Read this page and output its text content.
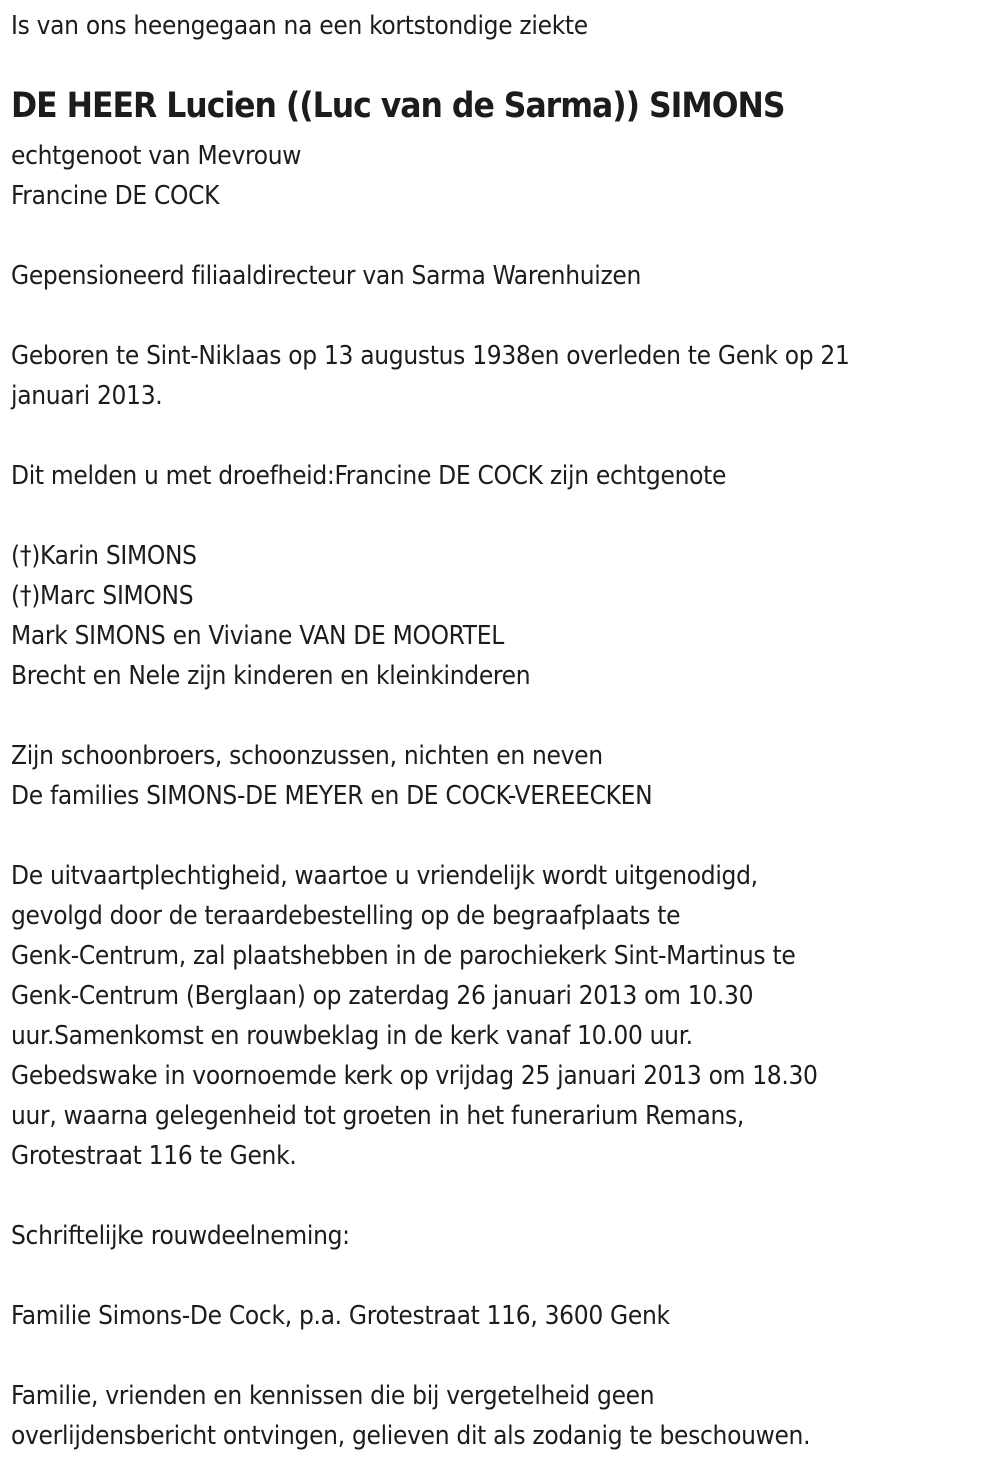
Is van ons heengegaan na een kortstondige ziekte
DE HEER Lucien ((Luc van de Sarma)) SIMONS
echtgenoot van Mevrouw
Francine DE COCK
Gepensioneerd filiaaldirecteur van Sarma Warenhuizen
Geboren te Sint-Niklaas op 13 augustus 1938en overleden te Genk op 21
januari 2013.
Dit melden u met droefheid:Francine DE COCK zijn echtgenote
(†)Karin SIMONS
(†)Marc SIMONS
Mark SIMONS en Viviane VAN DE MOORTEL
Brecht en Nele zijn kinderen en kleinkinderen
Zijn schoonbroers, schoonzussen, nichten en neven
De families SIMONS-DE MEYER en DE COCK-VEREECKEN
De uitvaartplechtigheid, waartoe u vriendelijk wordt uitgenodigd,
gevolgd door de teraardebestelling op de begraafplaats te
Genk-Centrum, zal plaatshebben in de parochiekerk Sint-Martinus te
Genk-Centrum (Berglaan) op zaterdag 26 januari 2013 om 10.30
uur.Samenkomst en rouwbeklag in de kerk vanaf 10.00 uur.
Gebedswake in voornoemde kerk op vrijdag 25 januari 2013 om 18.30
uur, waarna gelegenheid tot groeten in het funerarium Remans,
Grotestraat 116 te Genk.
Schriftelijke rouwdeelneming:
Familie Simons-De Cock, p.a. Grotestraat 116, 3600 Genk
Familie, vrienden en kennissen die bij vergetelheid geen
overlijdensbericht ontvingen, gelieven dit als zodanig te beschouwen.
